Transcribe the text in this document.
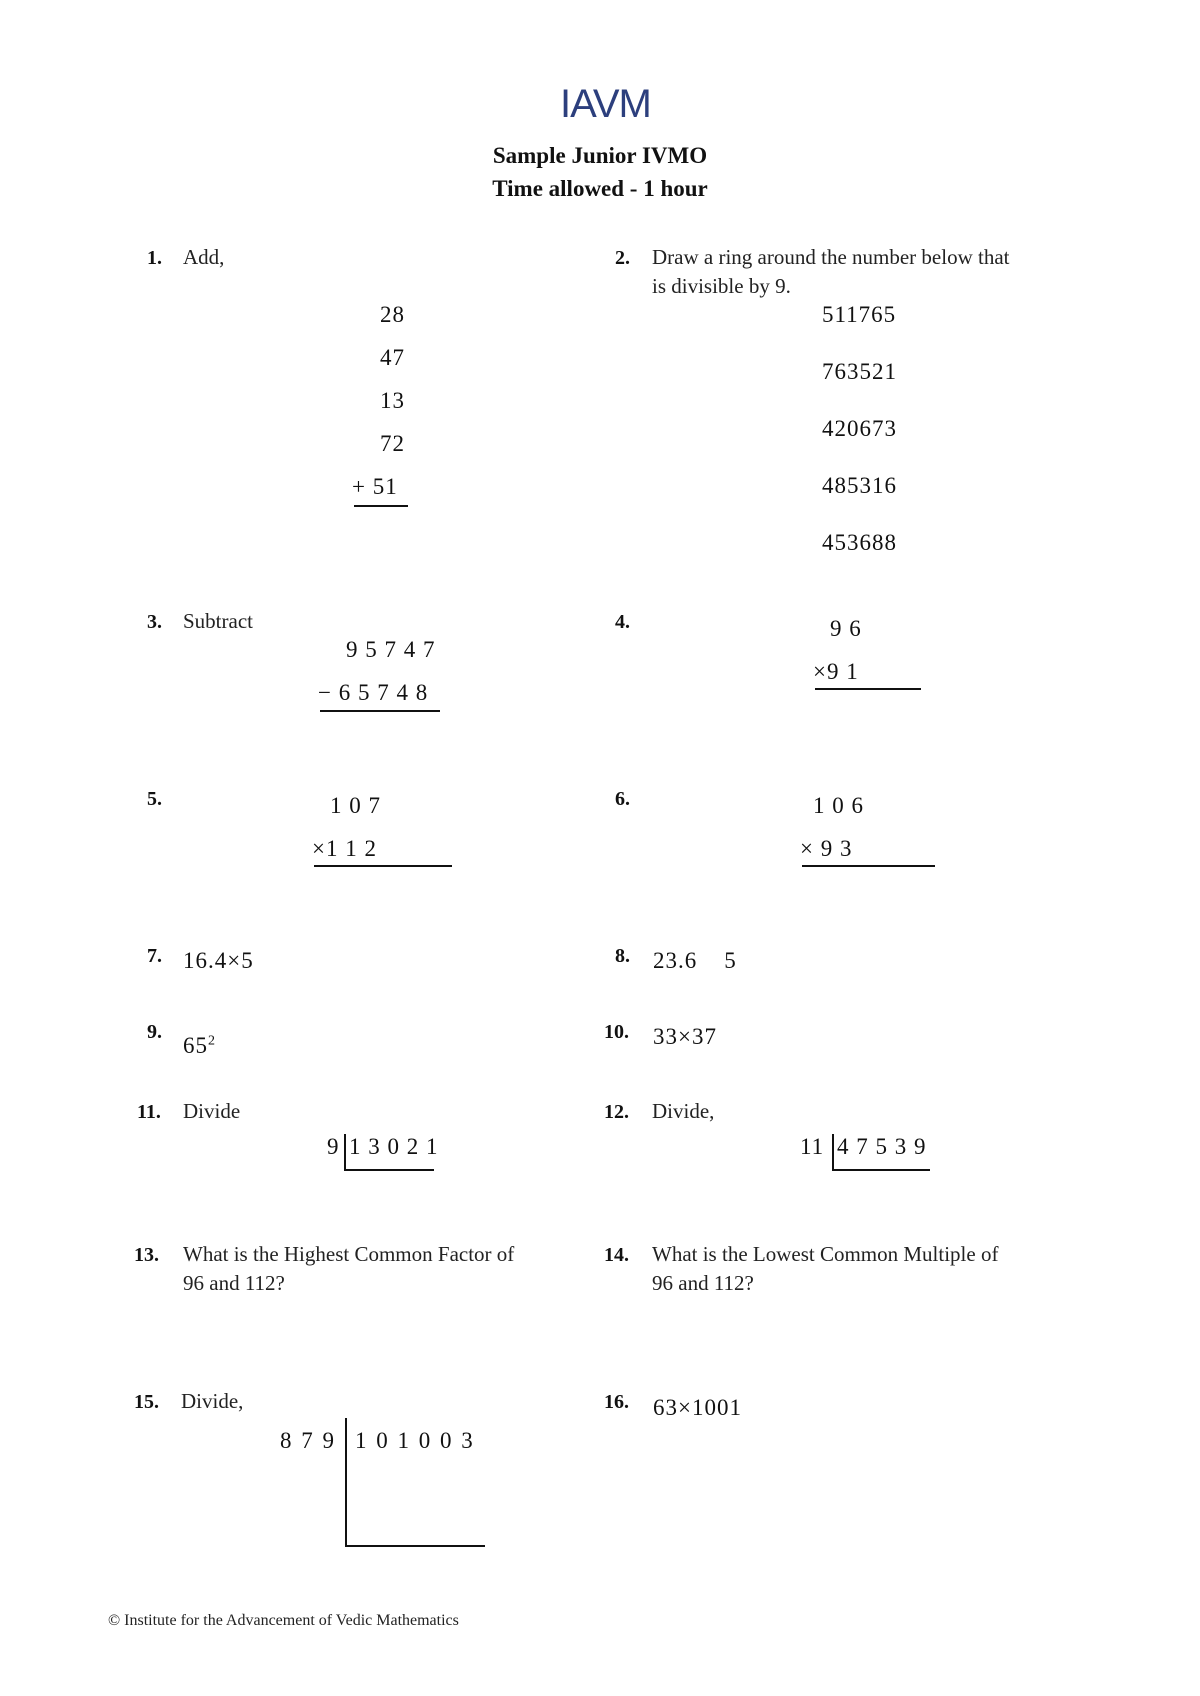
IAVM
Sample Junior IVMO
Time allowed - 1 hour
1. Add,
28
47
13
72
+ 51
2. Draw a ring around the number below that
is divisible by 9.
511765
763521
420673
485316
453688
3. Subtract
9 5 7 4 7
− 6 5 7 4 8
4.	9 6
×9 1
5.	1 0 7
×1 1 2
6.	1 0 6
× 9 3
7. 16.4×5	8. 23.6    5
9.
$65^2$	10. 33×37
11. Divide
9 1 3 0 2 1
12. Divide,
11 4 7 5 3 9
13. What is the Highest Common Factor of
96 and 112?
14. What is the Lowest Common Multiple of
96 and 112?
15. Divide,
8 7 9 1 0 1 0 0 3
16. 63×1001
© Institute for the Advancement of Vedic Mathematics
